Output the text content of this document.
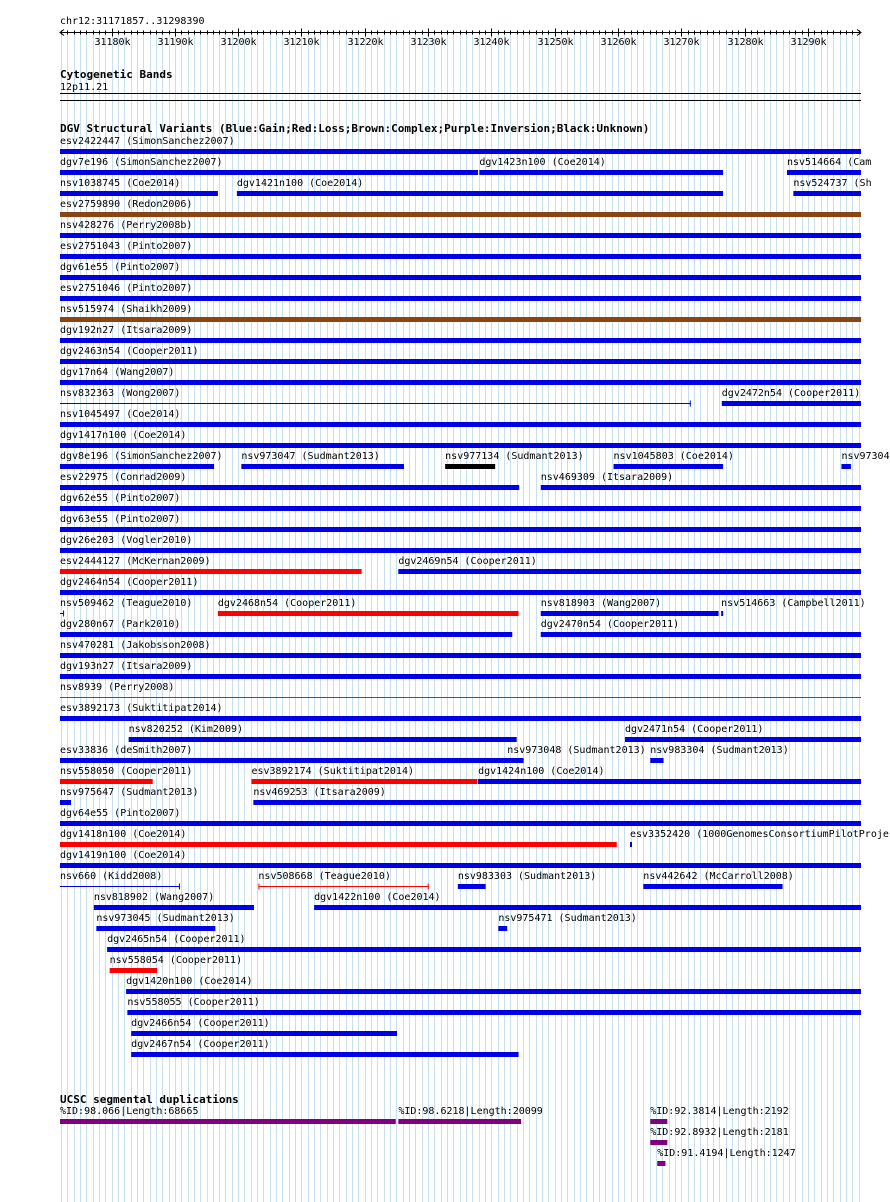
chr12:31171857..31298390
31180k	31190k	31200k	31210k	31220k	31230k	31240k	31250k	31260k	31270k	31280k	31290k
Cytogenetic Bands
12p11.21
DGV Structural Variants (Blue:Gain;Red:Loss;Brown:Complex;Purple:Inversion;Black:Unknown)
esv2422447 (SimonSanchez2007)
dgv7e196 (SimonSanchez2007)	dgv1423n100 (Coe2014)	nsv514664 (Cam
nsv1038745 (Coe2014)	dgv1421n100 (Coe2014)	nsv524737 (Sh
esv2759890 (Redon2006)
nsv428276 (Perry2008b)
esv2751043 (Pinto2007)
dgv61e55 (Pinto2007)
esv2751046 (Pinto2007)
nsv515974 (Shaikh2009)
dgv192n27 (Itsara2009)
dgv2463n54 (Cooper2011)
dgv17n64 (Wang2007)
nsv832363 (Wong2007)	dgv2472n54 (Cooper2011)
nsv1045497 (Coe2014)
dgv1417n100 (Coe2014)
dgv8e196 (SimonSanchez2007) nsv973047 (Sudmant2013)	nsv977134 (Sudmant2013)	nsv1045803 (Coe2014)	nsv97304
esv22975 (Conrad2009)	nsv469309 (Itsara2009)
dgv62e55 (Pinto2007)
dgv63e55 (Pinto2007)
dgv26e203 (Vogler2010)
esv2444127 (McKernan2009)	dgv2469n54 (Cooper2011)
dgv2464n54 (Cooper2011)
nsv509462 (Teague2010)	dgv2468n54 (Cooper2011)	nsv818903 (Wang2007)	nsv514663 (Campbell2011)
dgv280n67 (Park2010)	dgv2470n54 (Cooper2011)
nsv470281 (Jakobsson2008)
dgv193n27 (Itsara2009)
nsv8939 (Perry2008)
esv3892173 (Suktitipat2014)
nsv820252 (Kim2009)	dgv2471n54 (Cooper2011)
esv33836 (deSmith2007)	nsv973048 (Sudmant2013) nsv983304 (Sudmant2013)
nsv558050 (Cooper2011)	esv3892174 (Suktitipat2014)	dgv1424n100 (Coe2014)
nsv975647 (Sudmant2013)	nsv469253 (Itsara2009)
dgv64e55 (Pinto2007)
dgv1418n100 (Coe2014)	esv3352420 (1000GenomesConsortiumPilotProje
dgv1419n100 (Coe2014)
nsv660 (Kidd2008)	nsv508668 (Teague2010)	nsv983303 (Sudmant2013)	nsv442642 (McCarroll2008)
nsv818902 (Wang2007)	dgv1422n100 (Coe2014)
nsv973045 (Sudmant2013)	nsv975471 (Sudmant2013)
dgv2465n54 (Cooper2011)
nsv558054 (Cooper2011)
dgv1420n100 (Coe2014)
nsv558055 (Cooper2011)
dgv2466n54 (Cooper2011)
dgv2467n54 (Cooper2011)
UCSC segmental duplications
%ID:98.066|Length:68665	%ID:98.6218|Length:20099	%ID:92.3814|Length:2192
%ID:92.8932|Length:2181
%ID:91.4194|Length:1247
